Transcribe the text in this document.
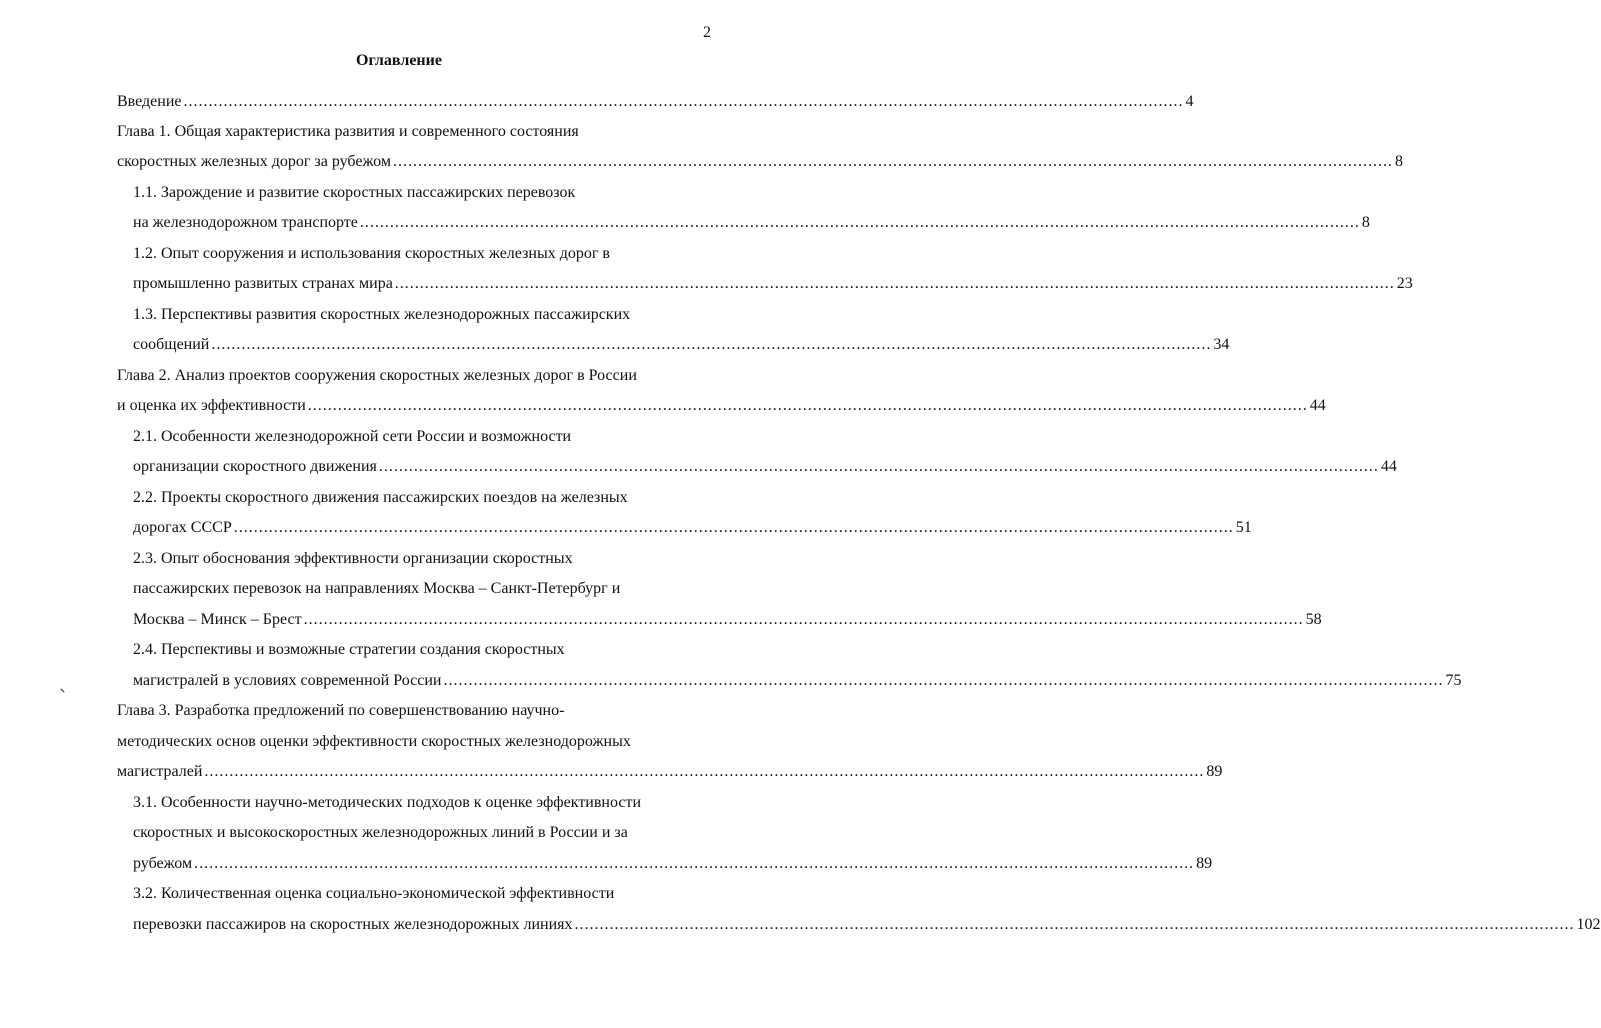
2
Оглавление
Введение ........................................................................................................................................................................................................ 4
Глава 1. Общая характеристика развития и современного состояния
скоростных железных дорог за рубежом ........................................................................................................................................................................................................ 8
1.1. Зарождение и развитие скоростных пассажирских перевозок
на железнодорожном транспорте ........................................................................................................................................................................................................ 8
1.2. Опыт сооружения и использования скоростных железных дорог в
промышленно развитых странах мира ........................................................................................................................................................................................................ 23
1.3. Перспективы развития скоростных железнодорожных пассажирских
сообщений ........................................................................................................................................................................................................ 34
Глава 2. Анализ проектов сооружения скоростных железных дорог в России
и оценка их эффективности ........................................................................................................................................................................................................ 44
2.1. Особенности железнодорожной сети России и возможности
организации скоростного движения ........................................................................................................................................................................................................ 44
2.2. Проекты скоростного движения пассажирских поездов на железных
дорогах СССР ........................................................................................................................................................................................................ 51
2.3. Опыт обоснования эффективности организации скоростных
пассажирских перевозок на направлениях Москва – Санкт-Петербург и
Москва – Минск – Брест ........................................................................................................................................................................................................ 58
2.4. Перспективы и возможные стратегии создания скоростных
магистралей в условиях современной России ........................................................................................................................................................................................................ 75
Глава 3. Разработка предложений по совершенствованию научно-
методических основ оценки эффективности скоростных железнодорожных
магистралей ........................................................................................................................................................................................................ 89
3.1. Особенности научно-методических подходов к оценке эффективности
скоростных и высокоскоростных железнодорожных линий в России и за
рубежом ........................................................................................................................................................................................................ 89
3.2. Количественная оценка социально-экономической эффективности
перевозки пассажиров на скоростных железнодорожных линиях ........................................................................................................................................................................................................ 102
